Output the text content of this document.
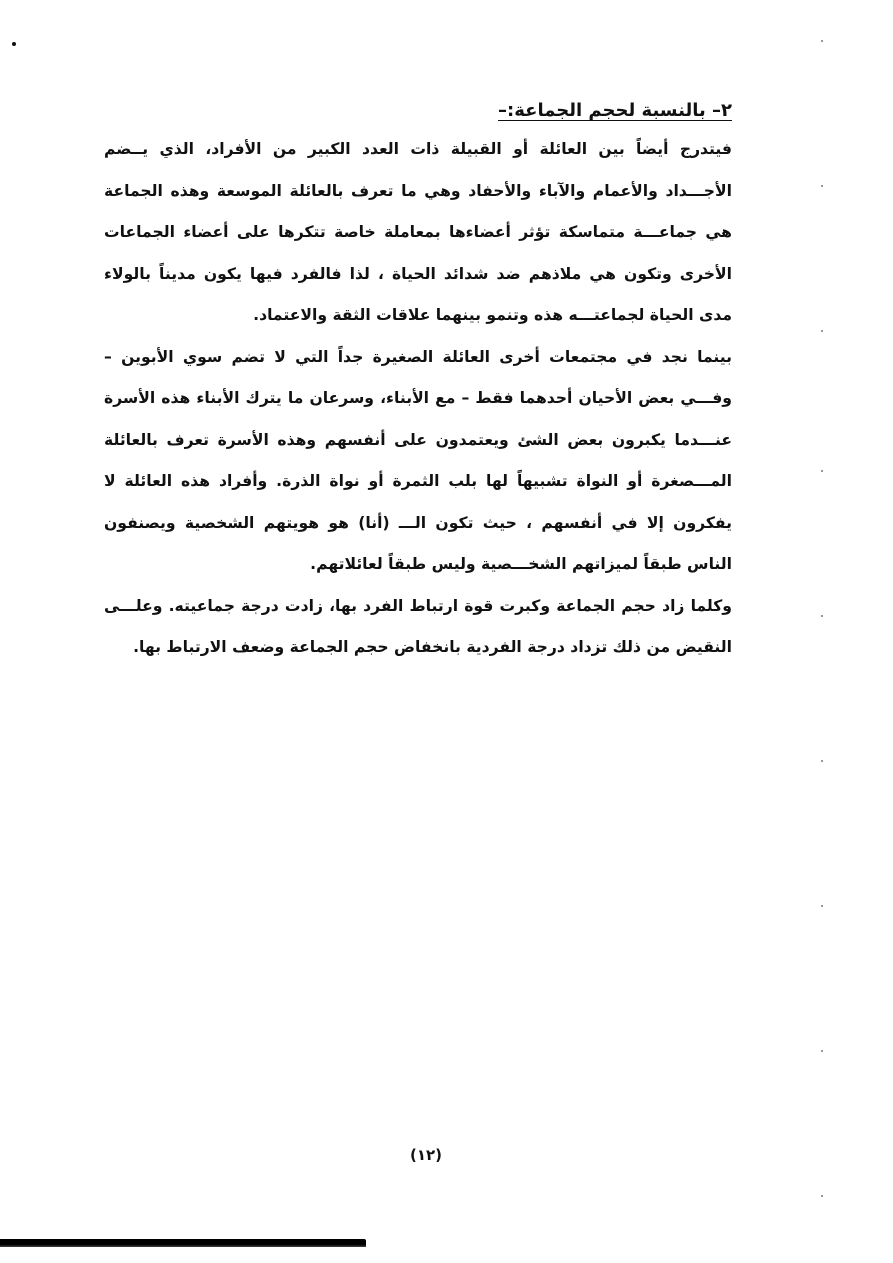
٢– بالنسبة لحجم الجماعة:–

فيتدرج أيضاً بين العائلة أو القبيلة ذات العدد الكبير من الأفراد، الذي يــضم الأجـــداد والأعمام والآباء والأحفاد وهي ما تعرف بالعائلة الموسعة وهذه الجماعة هي جماعـــة متماسكة تؤثر أعضاءها بمعاملة خاصة تتكرها على أعضاء الجماعات الأخرى وتكون هي ملاذهم ضد شدائد الحياة ، لذا فالفرد فيها يكون مديناً بالولاء مدى الحياة لجماعتـــه هذه وتنمو بينهما علاقات الثقة والاعتماد.

بينما نجد في مجتمعات أخرى العائلة الصغيرة جداً التي لا تضم سوي الأبوين – وفـــي بعض الأحيان أحدهما فقط – مع الأبناء، وسرعان ما يترك الأبناء هذه الأسرة عنـــدما يكبرون بعض الشئ ويعتمدون على أنفسهم وهذه الأسرة تعرف بالعائلة المـــصغرة أو النواة تشبيهاً لها بلب الثمرة أو نواة الذرة. وأفراد هذه العائلة لا يفكرون إلا في أنفسهم ، حيث تكون الـــ (أنا) هو هويتهم الشخصية ويصنفون الناس طبقاً لميزاتهم الشخـــصية وليس طبقاً لعائلاتهم.

وكلما زاد حجم الجماعة وكبرت قوة ارتباط الفرد بها، زادت درجة جماعيته. وعلـــى النقيض من ذلك تزداد درجة الفردية بانخفاض حجم الجماعة وضعف الارتباط بها.

(١٢)
